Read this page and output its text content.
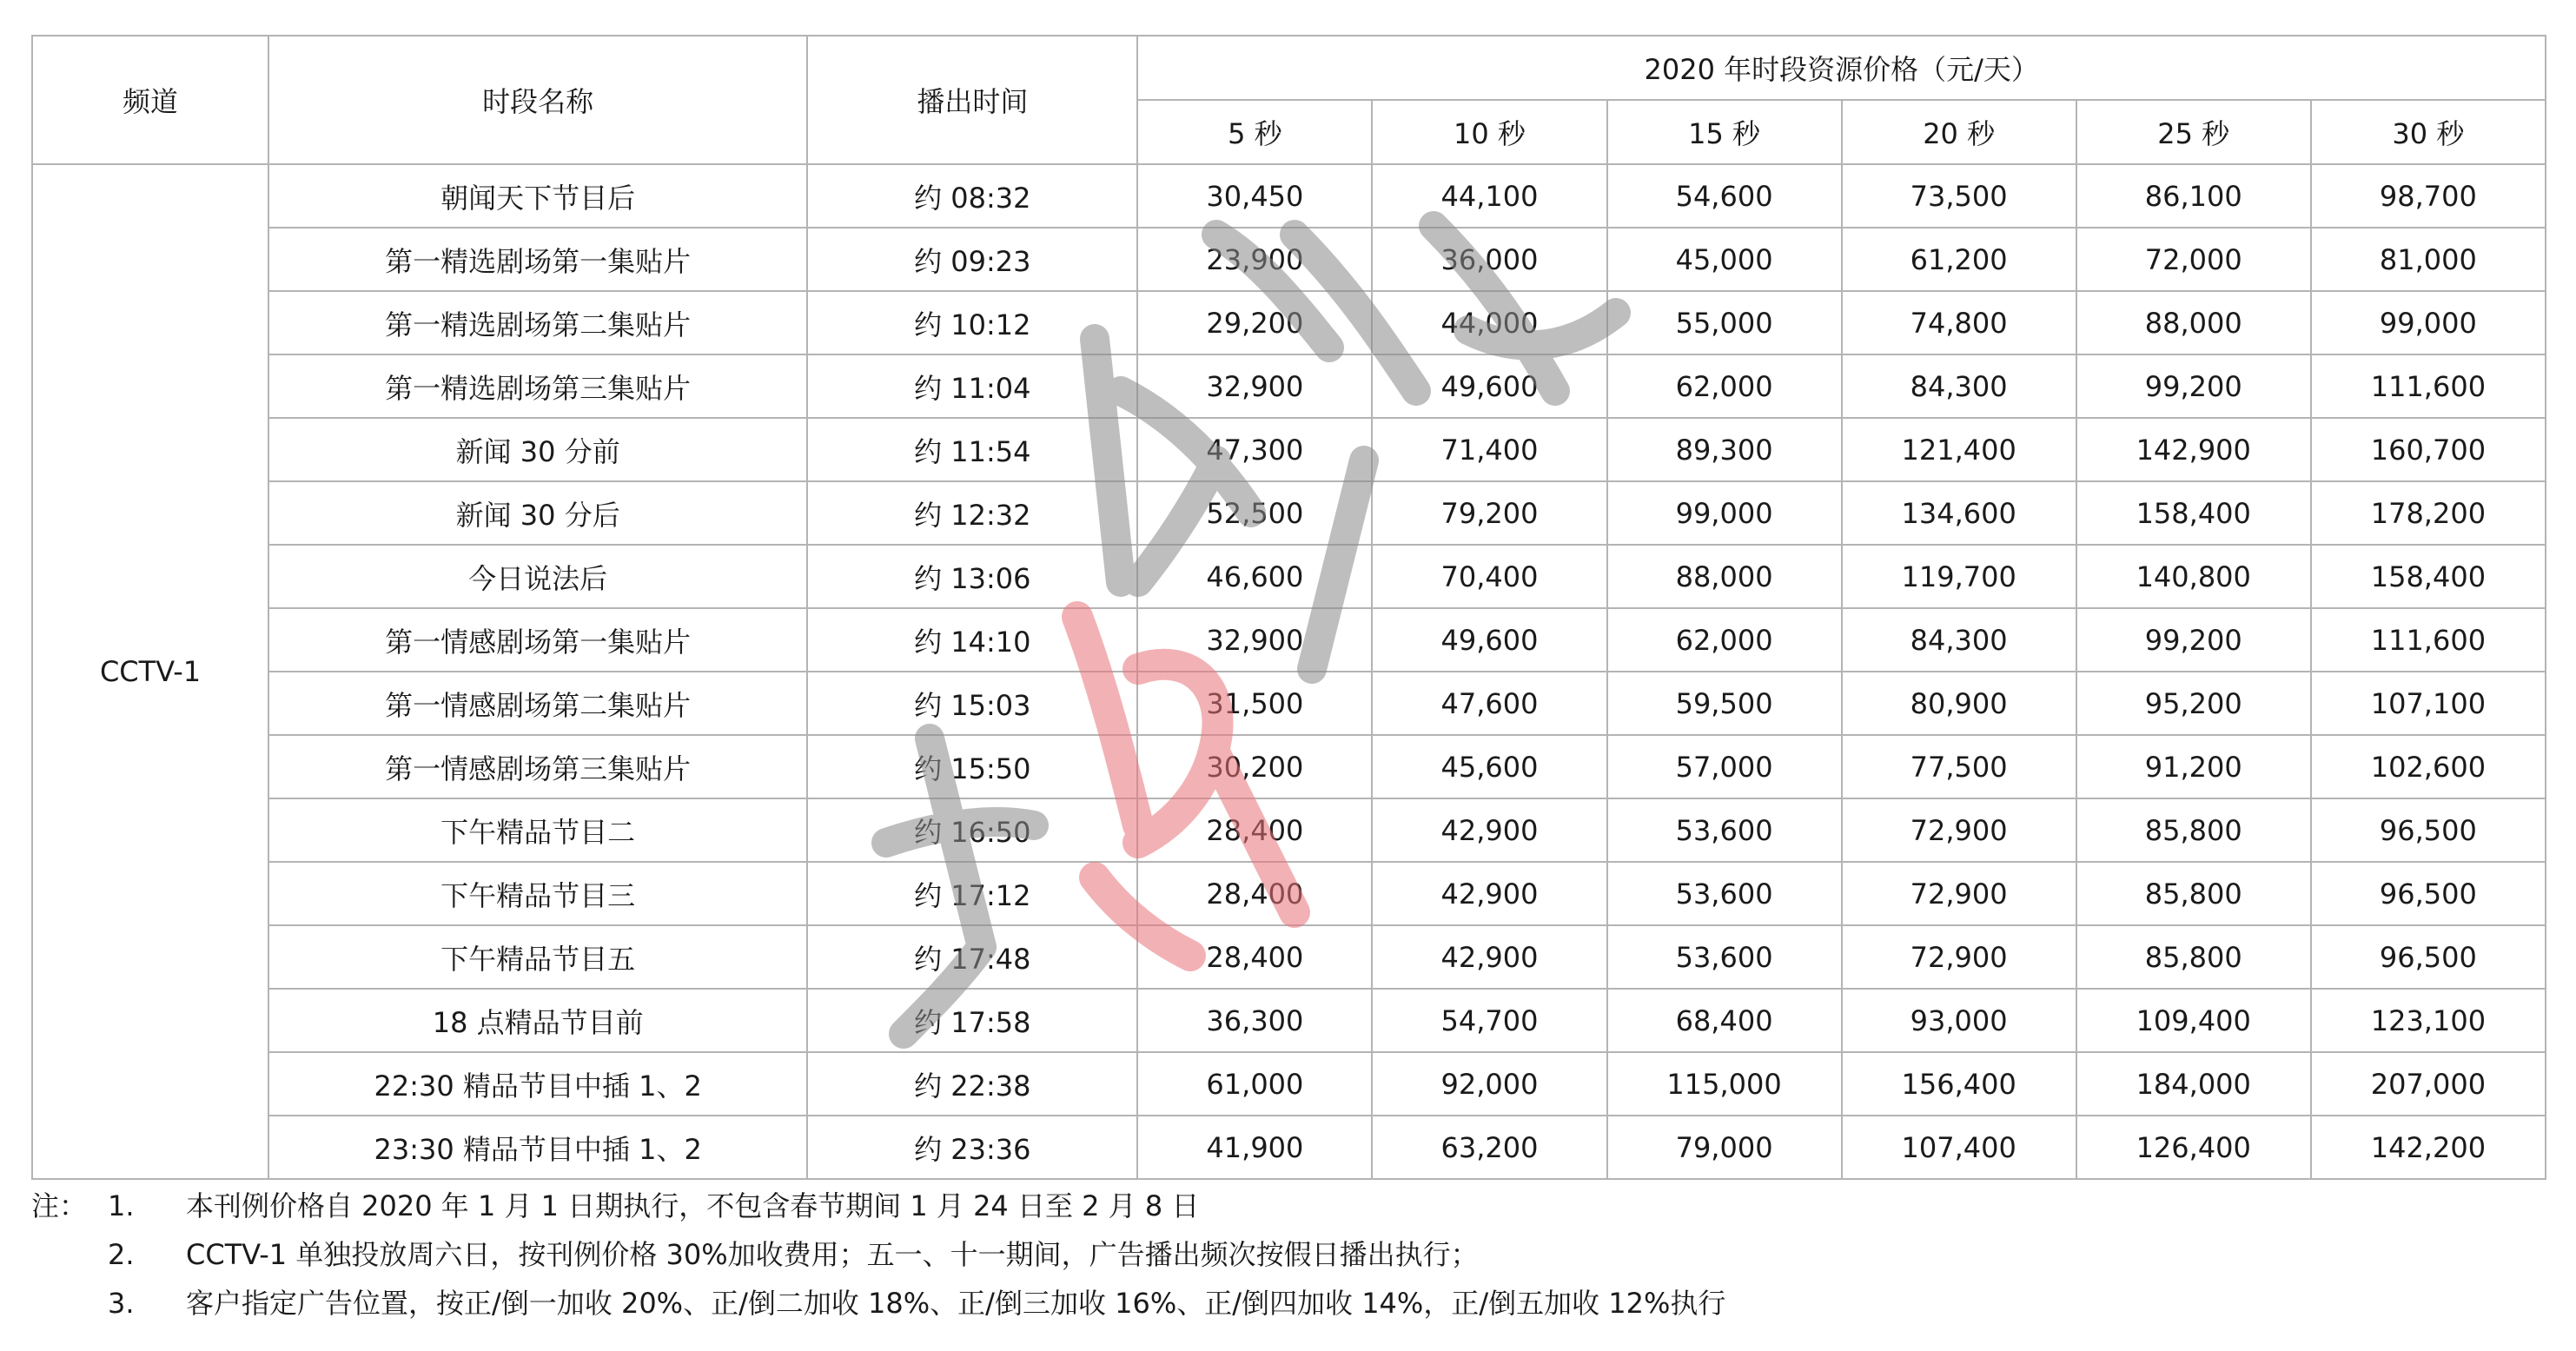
频道	时段名称	播出时间	2020 年时段资源价格（元/天）					
			5 秒	10 秒	15 秒	20 秒	25 秒	30 秒
CCTV-1	朝闻天下节目后	约 08:32	30,450	44,100	54,600	73,500	86,100	98,700
	第一精选剧场第一集贴片	约 09:23	23,900	36,000	45,000	61,200	72,000	81,000
	第一精选剧场第二集贴片	约 10:12	29,200	44,000	55,000	74,800	88,000	99,000
	第一精选剧场第三集贴片	约 11:04	32,900	49,600	62,000	84,300	99,200	111,600
	新闻 30 分前	约 11:54	47,300	71,400	89,300	121,400	142,900	160,700
	新闻 30 分后	约 12:32	52,500	79,200	99,000	134,600	158,400	178,200
	今日说法后	约 13:06	46,600	70,400	88,000	119,700	140,800	158,400
	第一情感剧场第一集贴片	约 14:10	32,900	49,600	62,000	84,300	99,200	111,600
	第一情感剧场第二集贴片	约 15:03	31,500	47,600	59,500	80,900	95,200	107,100
	第一情感剧场第三集贴片	约 15:50	30,200	45,600	57,000	77,500	91,200	102,600
	下午精品节目二	约 16:50	28,400	42,900	53,600	72,900	85,800	96,500
	下午精品节目三	约 17:12	28,400	42,900	53,600	72,900	85,800	96,500
	下午精品节目五	约 17:48	28,400	42,900	53,600	72,900	85,800	96,500
	18 点精品节目前	约 17:58	36,300	54,700	68,400	93,000	109,400	123,100
	22:30 精品节目中插 1、2	约 22:38	61,000	92,000	115,000	156,400	184,000	207,000
	23:30 精品节目中插 1、2	约 23:36	41,900	63,200	79,000	107,400	126,400	142,200
注： 1.	本刊例价格自 2020 年 1 月 1 日期执行，不包含春节期间 1 月 24 日至 2 月 8 日
2.	CCTV-1 单独投放周六日，按刊例价格 30%加收费用；五一、十一期间，广告播出频次按假日播出执行；
3.	客户指定广告位置，按正/倒一加收 20%、正/倒二加收 18%、正/倒三加收 16%、正/倒四加收 14%，正/倒五加收 12%执行
